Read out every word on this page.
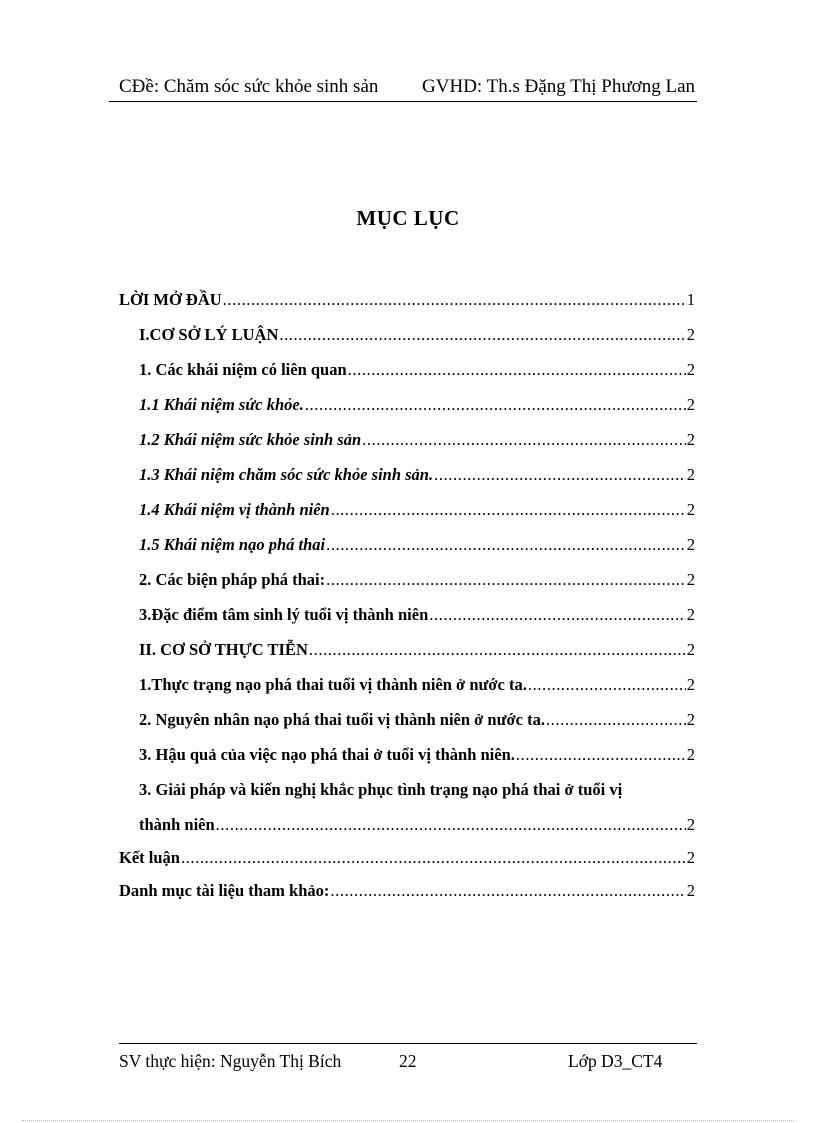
CĐề: Chăm sóc sức khỏe sinh sản GVHD: Th.s Đặng Thị Phương Lan
MỤC LỤC
LỜI MỞ ĐẦU .....	1
I.CƠ SỞ LÝ LUẬN .....	2
1. Các khái niệm có liên quan .....	2
1.1 Khái niệm sức khỏe. .....	2
1.2 Khái niệm sức khỏe sinh sản .....	2
1.3 Khái niệm chăm sóc sức khỏe sinh sản. .....	2
1.4 Khái niệm vị thành niên .....	2
1.5 Khái niệm nạo phá thai .....	2
2. Các biện pháp phá thai: .....	2
3.Đặc điểm tâm sinh lý tuổi vị thành niên .....	2
II. CƠ SỞ THỰC TIỄN .....	2
1.Thực trạng nạo phá thai tuổi vị thành niên ở nước ta. .....	2
2. Nguyên nhân nạo phá thai tuổi vị thành niên ở nước ta. .....	2
3. Hậu quả của việc nạo phá thai ở tuổi vị thành niên. .....	2
3. Giải pháp và kiến nghị khắc phục tình trạng nạo phá thai ở tuổi vị
thành niên .....	2
Kết luận .....	2
Danh mục tài liệu tham khảo: .....	2
SV thực hiện: Nguyễn Thị Bích	22	Lớp D3_CT4
